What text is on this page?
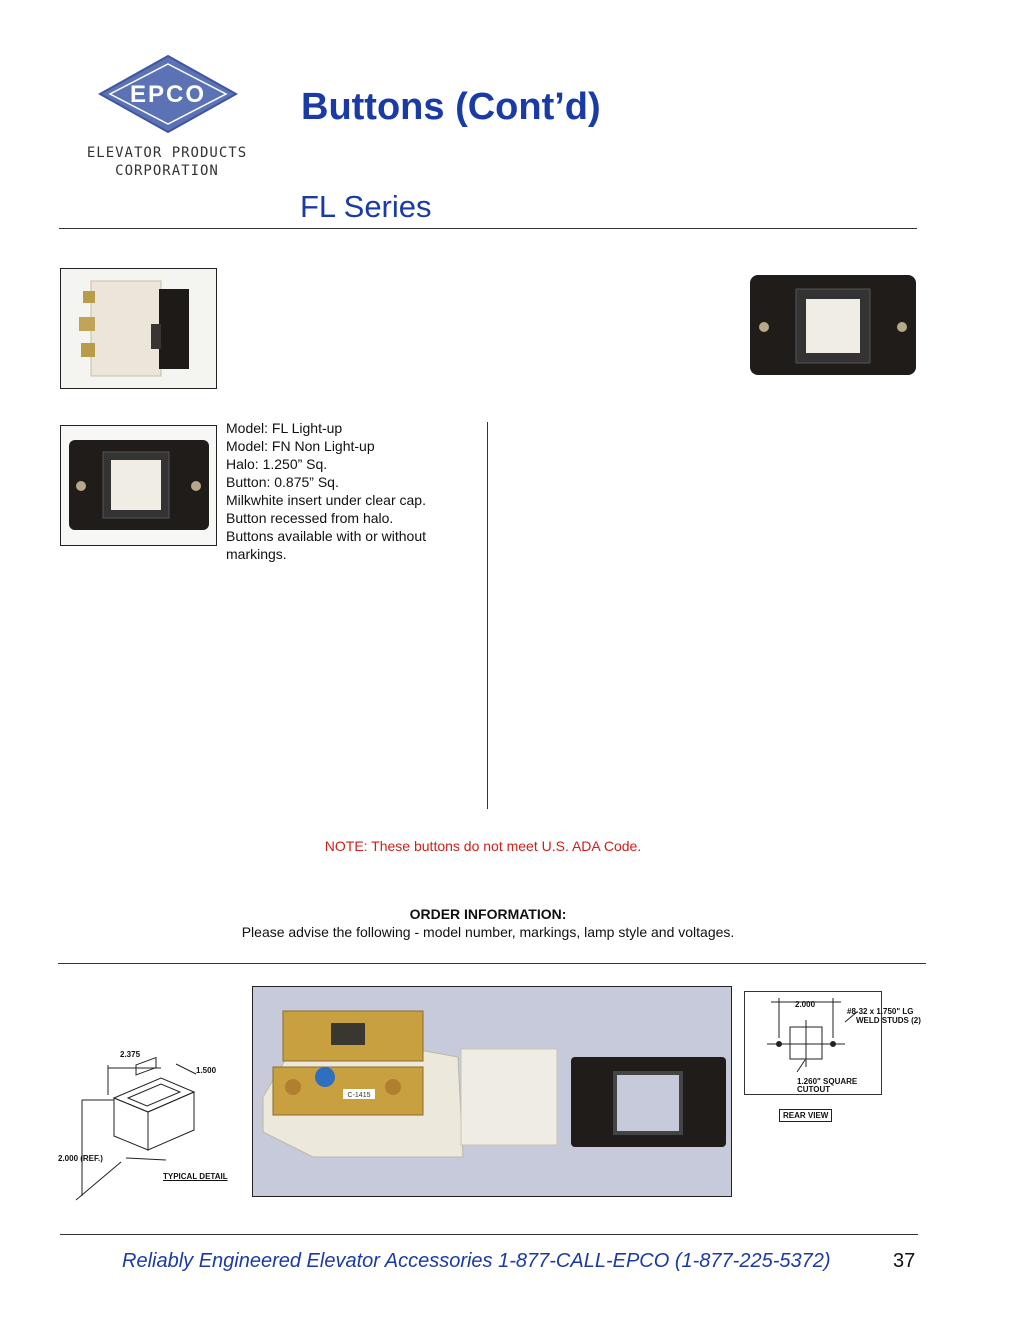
EPCO
ELEVATOR PRODUCTS
CORPORATION
Buttons (Cont’d)
FL Series
Model: FL Light-up
Model: FN Non Light-up
Halo: 1.250” Sq.
Button: 0.875” Sq.
Milkwhite insert under clear cap.
Button recessed from halo.
Buttons available with or without
markings.
NOTE: These buttons do not meet U.S. ADA Code.
ORDER INFORMATION:
Please advise the following - model number, markings, lamp style and voltages.
2.375
1.500
2.000 (REF.)
TYPICAL DETAIL
C-1415
2.000
#8-32 x 1.750" LG
WELD STUDS (2)
1.260" SQUARE
CUTOUT
REAR VIEW
Reliably Engineered Elevator Accessories 1-877-CALL-EPCO (1-877-225-5372)	37
